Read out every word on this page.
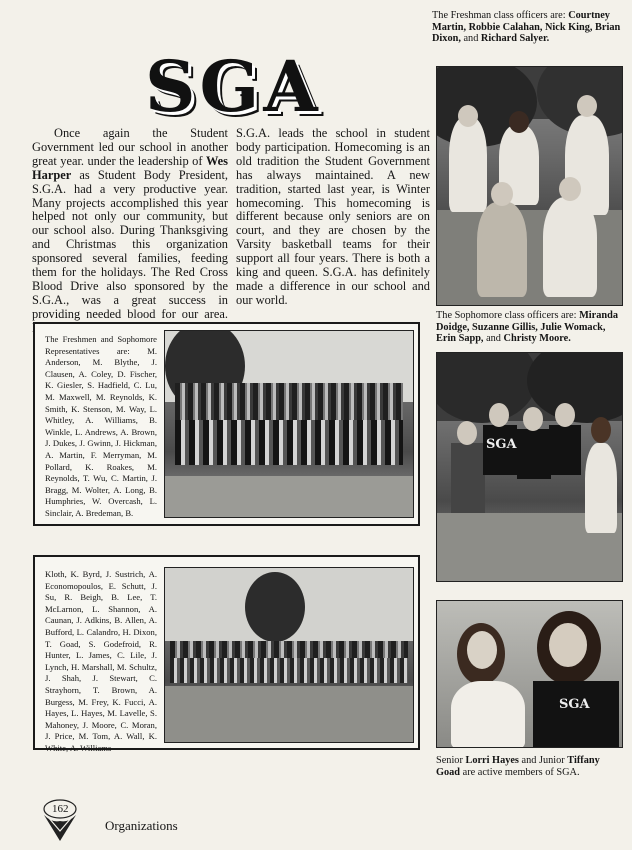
SGA

Once again the Student Government led our school in another great year. under the leadership of Wes Harper as Student Body President, S.G.A. had a very productive year. Many projects accomplished this year helped not only our community, but our school also. During Thanksgiving and Christmas this organization sponsored several families, feeding them for the holidays. The Red Cross Blood Drive also sponsored by the S.G.A., was a great success in providing needed blood for our area.

S.G.A. leads the school in student body participation. Homecoming is an old tradition the Student Government has always maintained. A new tradition, started last year, is Winter homecoming. This homecoming is different because only seniors are on court, and they are chosen by the Varsity basketball teams for their support all four years. There is both a king and queen. S.G.A. has definitely made a difference in our school and our world.

The Freshman class officers are: Courtney Martin, Robbie Calahan, Nick King, Brian Dixon, and Richard Salyer.

The Sophomore class officers are: Miranda Doidge, Suzanne Gillis, Julie Womack, Erin Sapp, and Christy Moore.

SGA
SGA

Senior Lorri Hayes and Junior Tiffany Goad are active members of SGA.

The Freshmen and Sophomore Representatives are: M. Anderson, M. Blythe, J. Clausen, A. Coley, D. Fischer, K. Giesler, S. Hadfield, C. Lu, M. Maxwell, M. Reynolds, K. Smith, K. Stenson, M. Way, L. Whitley, A. Williams, B. Winkle, L. Andrews, A. Brown, J. Dukes, J. Gwinn, J. Hickman, A. Martin, F. Merryman, M. Pollard, K. Roakes, M. Reynolds, T. Wu, C. Martin, J. Bragg, M. Wolter, A. Long, B. Humphries, W. Overcash, L. Sinclair, A. Bredeman, B.

Kloth, K. Byrd, J. Sustrich, A. Economopoulos, E. Schutt, J. Su, R. Beigh, B. Lee, T. McLarnon, L. Shannon, A. Caunan, J. Adkins, B. Allen, A. Bufford, L. Calandro, H. Dixon, T. Goad, S. Godefroid, R. Hunter, L. James, C. Lile, J. Lynch, H. Marshall, M. Schultz, J. Shah, J. Stewart, C. Strayhorn, T. Brown, A. Burgess, M. Frey, K. Fucci, A. Hayes, L. Hayes, M. Lavelle, S. Mahoney, J. Moore, C. Moran, J. Price, M. Tom, A. Wall, K. White, A. Williams

162
Organizations
